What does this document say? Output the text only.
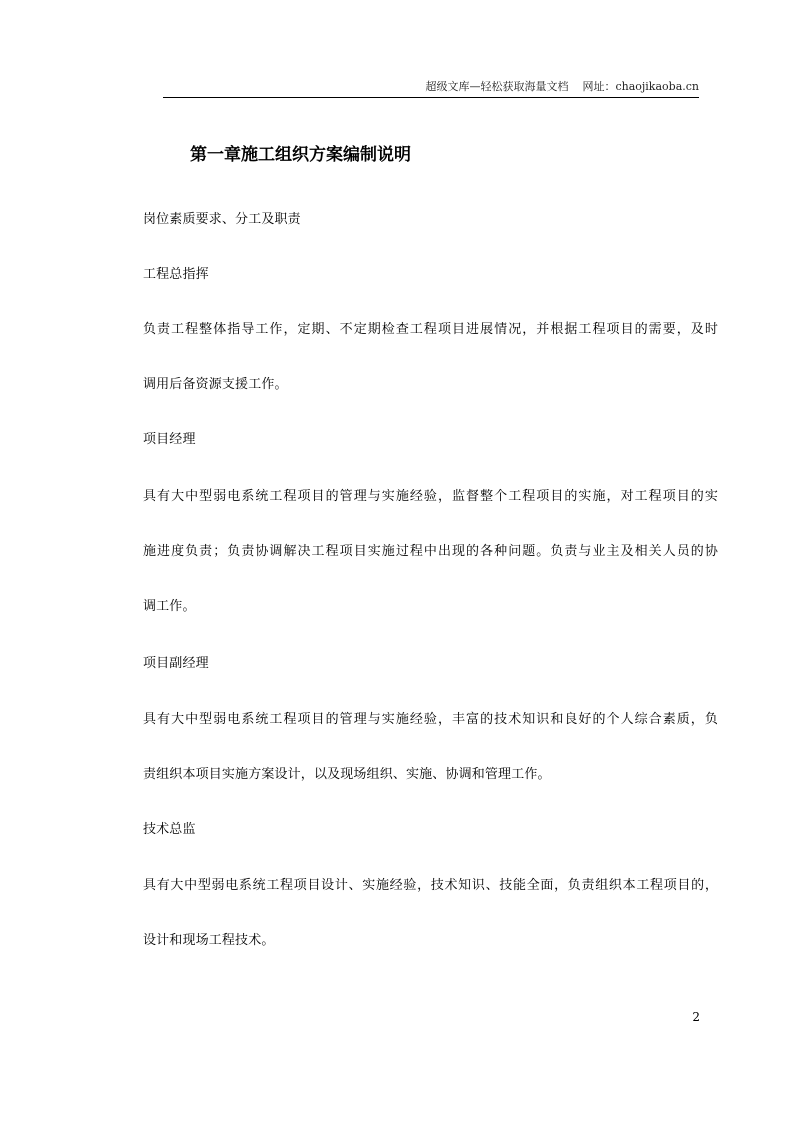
超级文库—轻松获取海量文档 网址：chaojikaoba.cn
第一章施工组织方案编制说明
岗位素质要求、分工及职责
工程总指挥
负责工程整体指导工作，定期、不定期检查工程项目进展情况，并根据工程项目的需要，及时
调用后备资源支援工作。
项目经理
具有大中型弱电系统工程项目的管理与实施经验，监督整个工程项目的实施，对工程项目的实
施进度负责；负责协调解决工程项目实施过程中出现的各种问题。负责与业主及相关人员的协
调工作。
项目副经理
具有大中型弱电系统工程项目的管理与实施经验，丰富的技术知识和良好的个人综合素质，负
责组织本项目实施方案设计，以及现场组织、实施、协调和管理工作。
技术总监
具有大中型弱电系统工程项目设计、实施经验，技术知识、技能全面，负责组织本工程项目的，
设计和现场工程技术。
2
